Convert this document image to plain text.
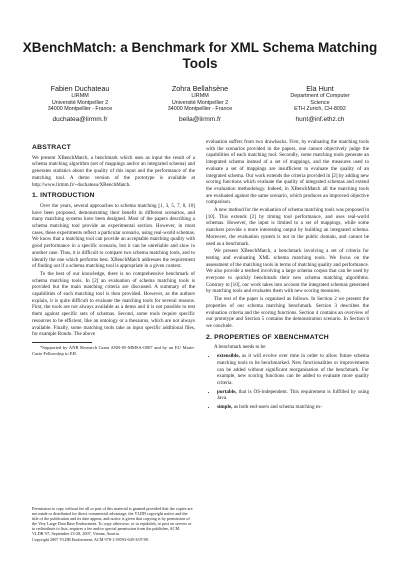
XBenchMatch: a Benchmark for XML Schema Matching
Tools
Fabien Duchateau
LIRMM
Université Montpellier 2
34000 Montpellier - France
duchatea@lirmm.fr
Zohra Bellahsène
LIRMM
Université Montpellier 2
34000 Montpellier - France
bella@lirmm.fr
Ela Hunt
Department of Computer
Science
ETH Zurich, CH-8092
hunt@inf.ethz.ch
ABSTRACT

We present XBenchMatch, a benchmark which uses as input the result of a schema matching algorithm (set of mappings and/or an integrated schema) and generates statistics about the quality of this input and the performance of the matching tool. A demo version of the prototype is available at http://www.lirmm.fr/~duchateau/XBenchMatch.

1. INTRODUCTION

Over the years, several approaches to schema matching [1, 3, 5, 7, 8, 10] have been proposed, demonstrating their benefit in different scenarios, and many matching systems have been designed. Most of the papers describing a schema matching tool provide an experimental section. However, in most cases, these experiments reflect a particular scenario, using real-world schemas. We know that a matching tool can provide an acceptable matching quality with good performance in a specific scenario, but it can be unreliable and slow in another case. Thus, it is difficult to compare two schema matching tools, and to identify the one which performs best. XBenchMatch addresses the requirement of finding out if a schema matching tool is appropriate in a given context.

To the best of our knowledge, there is no comprehensive benchmark of schema matching tools. In [2] an evaluation of schema matching tools is provided but the main matching criteria are discussed. A summary of the capabilities of each matching tool is then provided. However, as the authors explain, it is quite difficult to evaluate the matching tools for several reasons. First, the tools are not always available as a demo and it is not possible to test them against specific sets of schemas. Second, some tools require specific resources to be efficient, like an ontology or a thesaurus, which are not always available. Finally, some matching tools take as input specific additional files, for example Rondo. The above

*Supported by ANR Research Grant ANR-05-MMSA-0007 and by an EU Marie-Curie Fellowship to EH.

Permission to copy without fee all or part of this material is granted provided that the copies are not made or distributed for direct commercial advantage, the VLDB copyright notice and the title of the publication and its date appear, and notice is given that copying is by permission of the Very Large Data Base Endowment. To copy otherwise, or to republish, to post on servers or to redistribute to lists, requires a fee and/or special permission from the publisher, ACM.

VLDB '07, September 23-28, 2007, Vienna, Austria.

Copyright 2007 VLDB Endowment, ACM 978-1-59593-649-3/07/09.

evaluation suffers from two drawbacks. First, by evaluating the matching tools with the scenarios provided in the papers, one cannot objectively judge the capabilities of each matching tool. Secondly, some matching tools generate an integrated schema instead of a set of mappings, and the measures used to evaluate a set of mappings are insufficient to evaluate the quality of an integrated schema. Our work extends the criteria provided in [2] by adding new scoring functions which evaluate the quality of integrated schemas and extend the evaluation methodology. Indeed, in XBenchMatch all the matching tools are evaluated against the same scenario, which produces an improved objective comparison.

A new method for the evaluation of schema matching tools was proposed in [10]. This extends [2] by timing tool performance, and uses real-world schemas. However, the input is limited to a set of mappings, while some matchers provide a more interesting output by building an integrated schema. Moreover, the evaluation system is not in the public domain, and cannot be used as a benchmark.

We present XBenchMatch, a benchmark involving a set of criteria for testing and evaluating XML schema matching tools. We focus on the assessment of the matching tools in terms of matching quality and performance. We also provide a testbed involving a large schema corpus that can be used by everyone to quickly benchmark their new schema matching algorithms. Contrary to [10], our work takes into account the integrated schemas generated by matching tools and evaluates them with new scoring measures.

The rest of the paper is organised as follows. In Section 2 we present the properties of our schema matching benchmark. Section 3 describes the evaluation criteria and the scoring functions. Section 4 contains an overview of our prototype and Section 5 contains the demonstration scenario. In Section 6 we conclude.

2. PROPERTIES OF XBENCHMATCH

A benchmark needs to be

• extensible, as it will evolve over time in order to allow future schema matching tools to be benchmarked. New functionalities or improvements can be added without significant reorganisation of the benchmark. For example, new scoring functions can be added to evaluate more quality criteria.
• portable, that is OS-independent. This requirement is fulfilled by using Java.
• simple, as both end-users and schema matching ex-
